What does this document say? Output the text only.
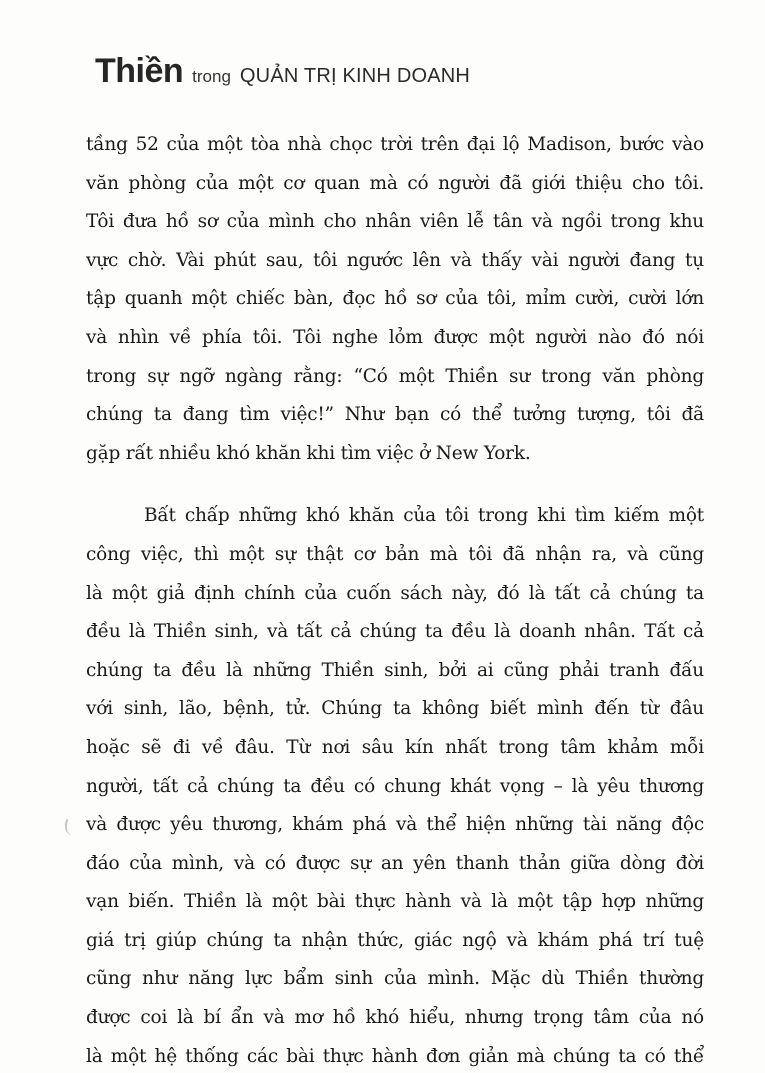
Thiền trong QUẢN TRỊ KINH DOANH
tầng 52 của một tòa nhà chọc trời trên đại lộ Madison, bước vào
văn phòng của một cơ quan mà có người đã giới thiệu cho tôi.
Tôi đưa hồ sơ của mình cho nhân viên lễ tân và ngồi trong khu
vực chờ. Vài phút sau, tôi ngước lên và thấy vài người đang tụ
tập quanh một chiếc bàn, đọc hồ sơ của tôi, mỉm cười, cười lớn
và nhìn về phía tôi. Tôi nghe lỏm được một người nào đó nói
trong sự ngỡ ngàng rằng: “Có một Thiền sư trong văn phòng
chúng ta đang tìm việc!” Như bạn có thể tưởng tượng, tôi đã
gặp rất nhiều khó khăn khi tìm việc ở New York.
Bất chấp những khó khăn của tôi trong khi tìm kiếm một
công việc, thì một sự thật cơ bản mà tôi đã nhận ra, và cũng
là một giả định chính của cuốn sách này, đó là tất cả chúng ta
đều là Thiền sinh, và tất cả chúng ta đều là doanh nhân. Tất cả
chúng ta đều là những Thiền sinh, bởi ai cũng phải tranh đấu
với sinh, lão, bệnh, tử. Chúng ta không biết mình đến từ đâu
hoặc sẽ đi về đâu. Từ nơi sâu kín nhất trong tâm khảm mỗi
người, tất cả chúng ta đều có chung khát vọng – là yêu thương
và được yêu thương, khám phá và thể hiện những tài năng độc
đáo của mình, và có được sự an yên thanh thản giữa dòng đời
vạn biến. Thiền là một bài thực hành và là một tập hợp những
giá trị giúp chúng ta nhận thức, giác ngộ và khám phá trí tuệ
cũng như năng lực bẩm sinh của mình. Mặc dù Thiền thường
được coi là bí ẩn và mơ hồ khó hiểu, nhưng trọng tâm của nó
là một hệ thống các bài thực hành đơn giản mà chúng ta có thể
